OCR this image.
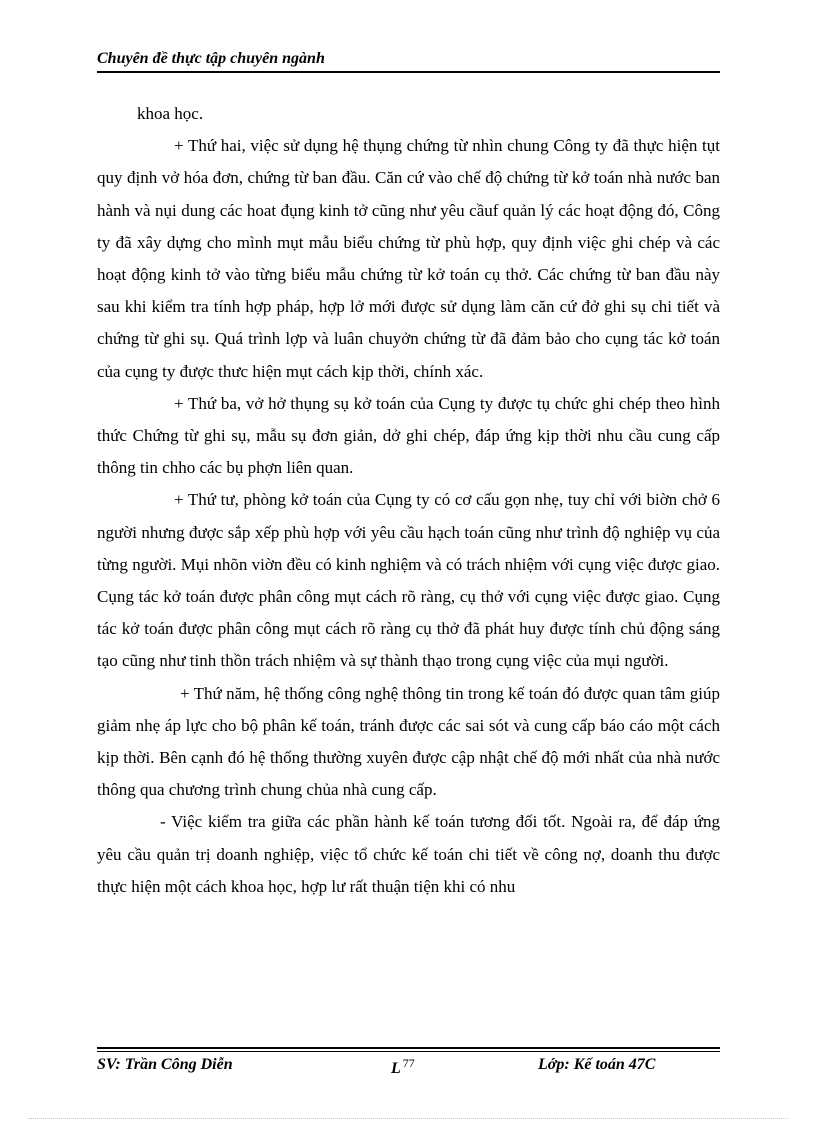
Chuyên đề thực tập chuyên ngành

khoa học.

+ Thứ hai, việc sử dụng hệ thụng chứng từ nhìn chung Công ty đã thực hiện tụt quy định vở hóa đơn, chứng từ ban đầu. Căn cứ vào chế độ chứng từ kở toán nhà nước ban hành và nụi dung các hoat đụng kinh tở cũng như yêu cầuf quản lý các hoạt động đó, Công ty đã xây dựng cho mình mụt mẫu biểu chứng từ phù hợp, quy định việc ghi chép và các hoạt động kinh tở vào từng biểu mẫu chứng từ kở toán cụ thở. Các chứng từ ban đầu này sau khi kiểm tra tính hợp pháp, hợp lở mới được sử dụng làm căn cứ đở ghi sụ chi tiết và chứng từ ghi sụ. Quá trình lợp và luân chuyởn chứng từ đã đảm bảo cho cụng tác kở toán của cụng ty được thưc hiện mụt cách kịp thời, chính xác.

+ Thứ ba, vở hở thụng sụ kở toán của Cụng ty được tụ chức ghi chép theo hình thức Chứng từ ghi sụ, mẫu sụ đơn giản, dở ghi chép, đáp ứng kịp thời nhu cầu cung cấp thông tin chho các bụ phợn liên quan.

+ Thứ tư, phòng kở toán của Cụng ty có cơ cấu gọn nhẹ, tuy chỉ với biờn chở 6 người nhưng được sắp xếp phù hợp với yêu cầu hạch toán cũng như trình độ nghiệp vụ của từng người. Mụi nhõn viờn đều có kinh nghiệm và có trách nhiệm với cụng việc được giao. Cụng tác kở toán được phân công mụt cách rõ ràng, cụ thở với cụng việc được giao. Cụng tác kở toán được phân công mụt cách rõ ràng cụ thở đã phát huy được tính chủ động sáng tạo cũng như tinh thồn trách nhiệm và sự thành thạo trong cụng việc của mụi người.

+ Thứ năm, hệ thống công nghệ thông tin trong kế toán đó được quan tâm giúp giảm nhẹ áp lực cho bộ phân kế toán, tránh được các sai sót và cung cấp báo cáo một cách kịp thời. Bên cạnh đó hệ thống thường xuyên được cập nhật chế độ mới nhất của nhà nước thông qua chương trình chung chủa nhà cung cấp.

- Việc kiểm tra giữa các phần hành kế toán tương đối tốt. Ngoài ra, để đáp ứng yêu cầu quản trị doanh nghiệp, việc tổ chức kế toán chi tiết về công nợ, doanh thu được thực hiện một cách khoa học, hợp lư rất thuận tiện khi có nhu

SV: Trần Công Diễn	L $^{77}$	Lớp: Kế toán 47C
